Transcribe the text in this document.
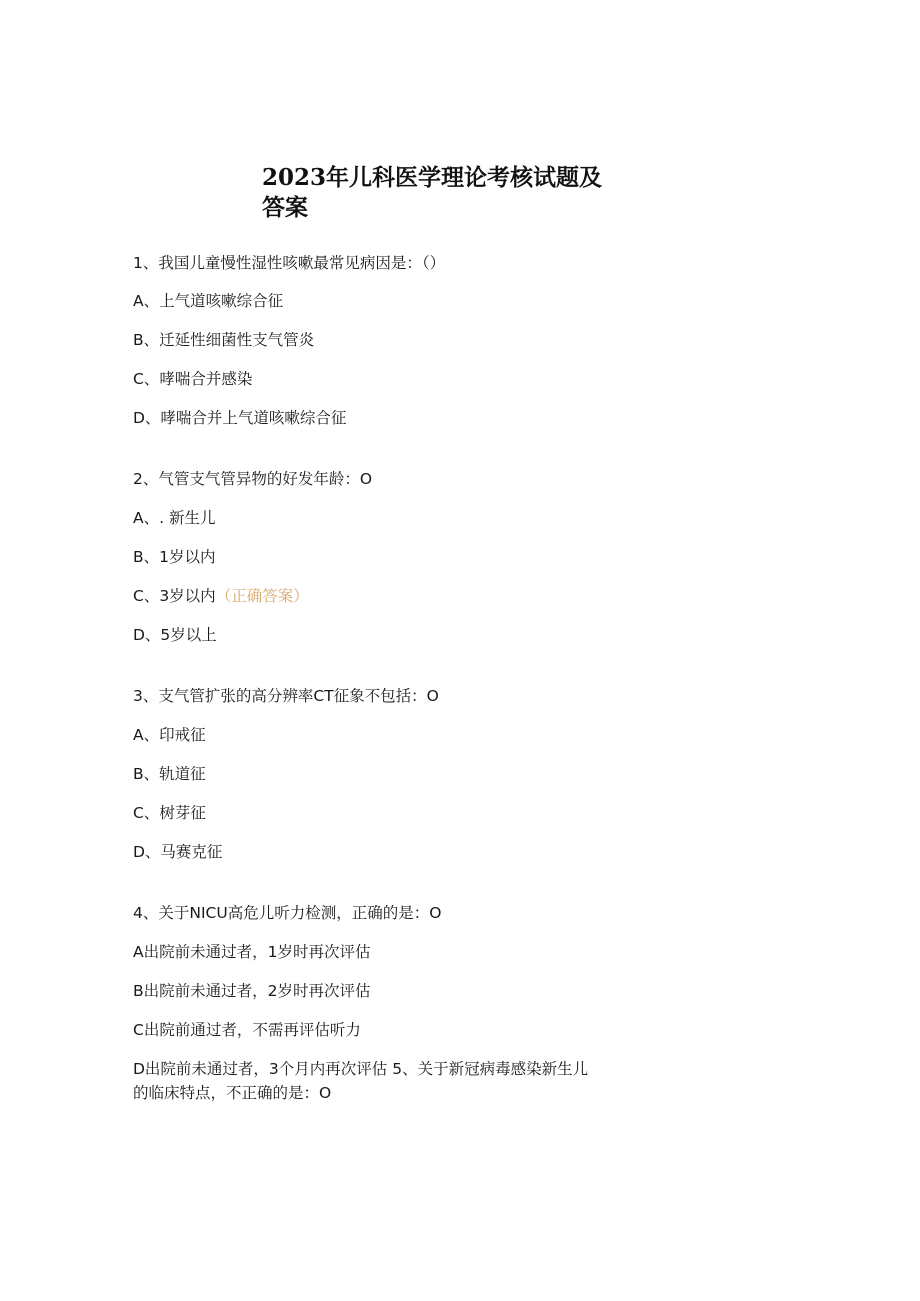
2023年儿科医学理论考核试题及答案
1、我国儿童慢性湿性咳嗽最常见病因是：（）
A、上气道咳嗽综合征
B、迁延性细菌性支气管炎
C、哮喘合并感染
D、哮喘合并上气道咳嗽综合征
2、气管支气管异物的好发年龄：O
A、. 新生儿
B、1岁以内
C、3岁以内（正确答案）
D、5岁以上
3、支气管扩张的高分辨率CT征象不包括：O
A、印戒征
B、轨道征
C、树芽征
D、马赛克征
4、关于NICU高危儿听力检测，正确的是：O
A出院前未通过者，1岁时再次评估
B出院前未通过者，2岁时再次评估
C出院前通过者，不需再评估听力
D出院前未通过者，3个月内再次评估 5、关于新冠病毒感染新生儿的临床特点，不正确的是：O
